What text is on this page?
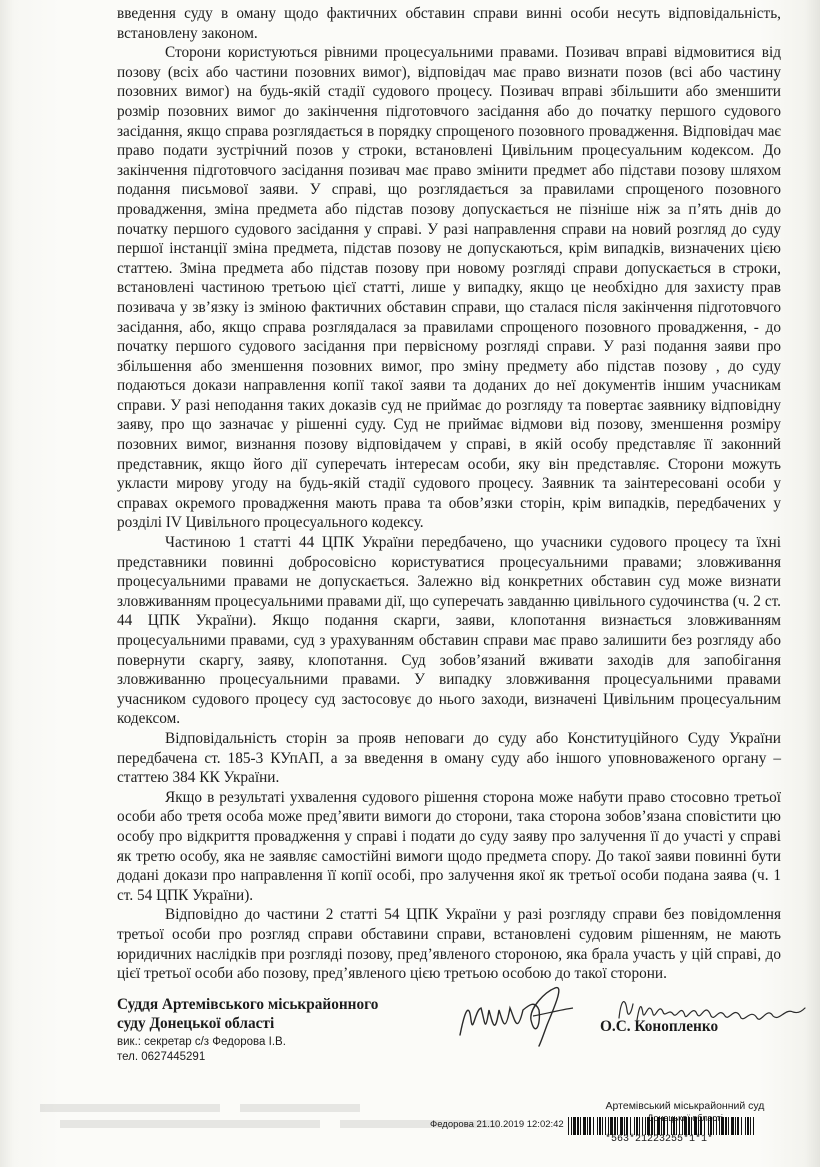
введення суду в оману щодо фактичних обставин справи винні особи несуть відповідальність, встановлену законом.

Сторони користуються рівними процесуальними правами. Позивач вправі відмовитися від позову (всіх або частини позовних вимог), відповідач має право визнати позов (всі або частину позовних вимог) на будь-якій стадії судового процесу. Позивач вправі збільшити або зменшити розмір позовних вимог до закінчення підготовчого засідання або до початку першого судового засідання, якщо справа розглядається в порядку спрощеного позовного провадження. Відповідач має право подати зустрічний позов у строки, встановлені Цивільним процесуальним кодексом. До закінчення підготовчого засідання позивач має право змінити предмет або підстави позову шляхом подання письмової заяви. У справі, що розглядається за правилами спрощеного позовного провадження, зміна предмета або підстав позову допускається не пізніше ніж за п’ять днів до початку першого судового засідання у справі. У разі направлення справи на новий розгляд до суду першої інстанції зміна предмета, підстав позову не допускаються, крім випадків, визначених цією статтею. Зміна предмета або підстав позову при новому розгляді справи допускається в строки, встановлені частиною третьою цієї статті, лише у випадку, якщо це необхідно для захисту прав позивача у зв’язку із зміною фактичних обставин справи, що сталася після закінчення підготовчого засідання, або, якщо справа розглядалася за правилами спрощеного позовного провадження, - до початку першого судового засідання при первісному розгляді справи. У разі подання заяви про збільшення або зменшення позовних вимог, про зміну предмету або підстав позову , до суду подаються докази направлення копії такої заяви та доданих до неї документів іншим учасникам справи. У разі неподання таких доказів суд не приймає до розгляду та повертає заявнику відповідну заяву, про що зазначає у рішенні суду. Суд не приймає відмови від позову, зменшення розміру позовних вимог, визнання позову відповідачем у справі, в якій особу представляє її законний представник, якщо його дії суперечать інтересам особи, яку він представляє. Сторони можуть укласти мирову угоду на будь-якій стадії судового процесу. Заявник та заінтересовані особи у справах окремого провадження мають права та обов’язки сторін, крім випадків, передбачених у розділі IV Цивільного процесуального кодексу.

Частиною 1 статті 44 ЦПК України передбачено, що учасники судового процесу та їхні представники повинні добросовісно користуватися процесуальними правами; зловживання процесуальними правами не допускається. Залежно від конкретних обставин суд може визнати зловживанням процесуальними правами дії, що суперечать завданню цивільного судочинства (ч. 2 ст. 44 ЦПК України). Якщо подання скарги, заяви, клопотання визнається зловживанням процесуальними правами, суд з урахуванням обставин справи має право залишити без розгляду або повернути скаргу, заяву, клопотання. Суд зобов’язаний вживати заходів для запобігання зловживанню процесуальними правами. У випадку зловживання процесуальними правами учасником судового процесу суд застосовує до нього заходи, визначені Цивільним процесуальним кодексом.

Відповідальність сторін за прояв неповаги до суду або Конституційного Суду України передбачена ст. 185-3 КУпАП, а за введення в оману суду або іншого уповноваженого органу – статтею 384 КК України.

Якщо в результаті ухвалення судового рішення сторона може набути право стосовно третьої особи або третя особа може пред’явити вимоги до сторони, така сторона зобов’язана сповістити цю особу про відкриття провадження у справі і подати до суду заяву про залучення її до участі у справі як третю особу, яка не заявляє самостійні вимоги щодо предмета спору. До такої заяви повинні бути додані докази про направлення її копії особі, про залучення якої як третьої особи подана заява (ч. 1 ст. 54 ЦПК України).

Відповідно до частини 2 статті 54 ЦПК України у разі розгляду справи без повідомлення третьої особи про розгляд справи обставини справи, встановлені судовим рішенням, не мають юридичних наслідків при розгляді позову, пред’явленого стороною, яка брала участь у цій справі, до цієї третьої особи або позову, пред’явленого цією третьою особою до такої сторони.

Суддя Артемівського міськрайонного
суду Донецької області
вик.: секретар с/з Федорова І.В.
тел. 0627445291
О.С. Конопленко
Артемівський міськрайонний суд
Донецької області
Федорова 21.10.2019 12:02:42
*563*21223255*1*1*
